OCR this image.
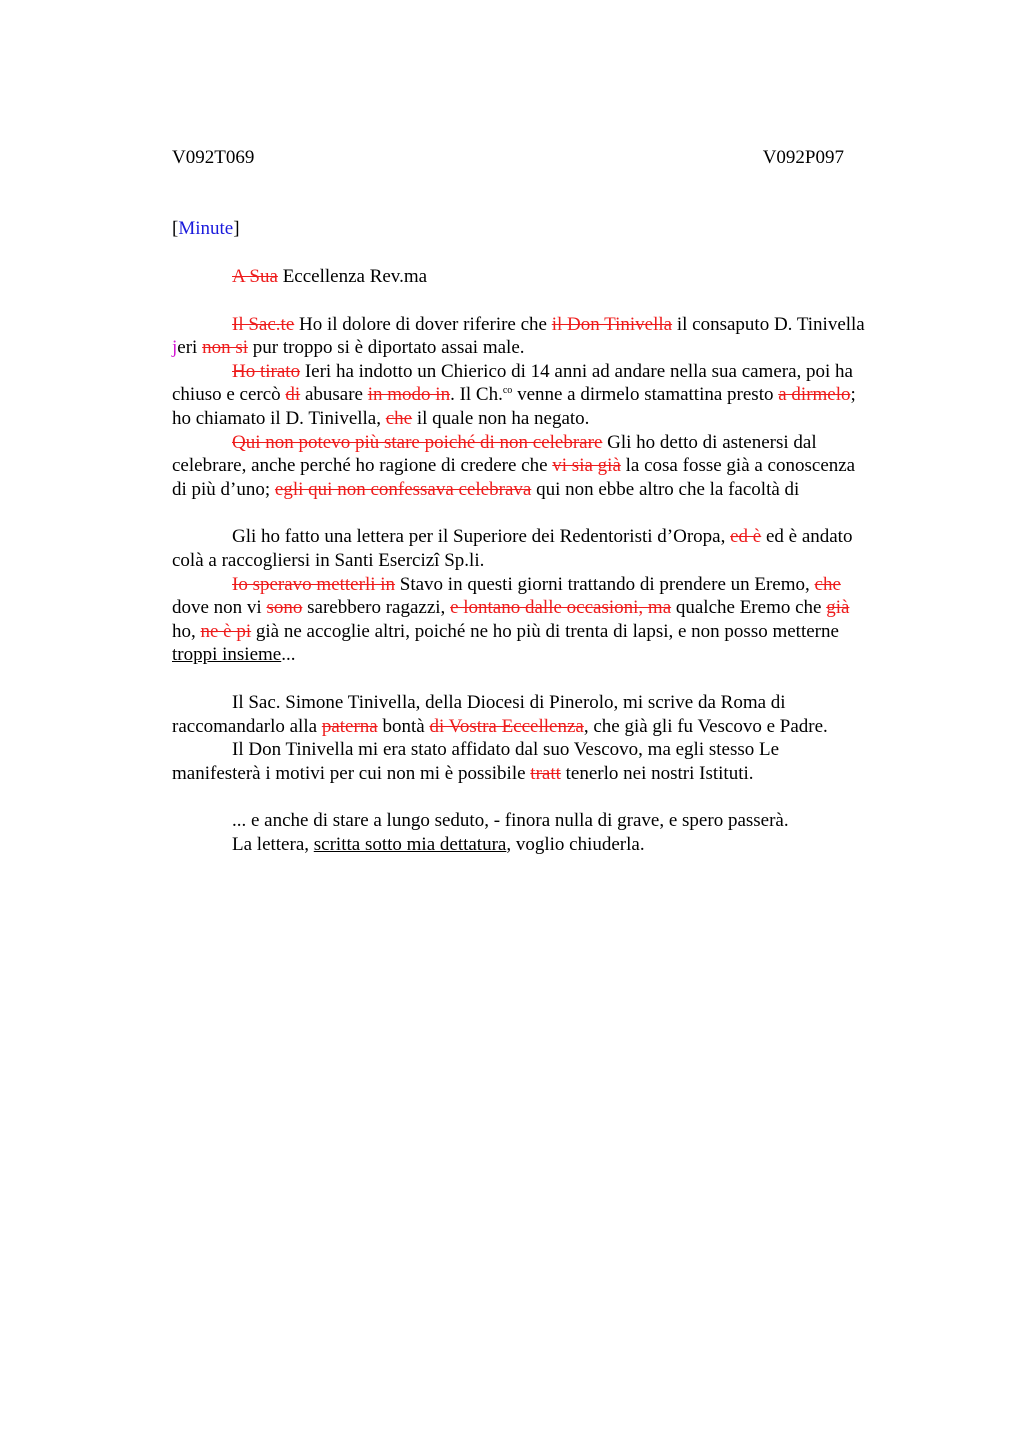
V092T069	V092P097
[Minute]
A Sua Eccellenza Rev.ma
Il Sac.te Ho il dolore di dover riferire che il Don Tinivella il consaputo D. Tinivella
jeri non si pur troppo si è diportato assai male.
Ho tirato Ieri ha indotto un Chierico di 14 anni ad andare nella sua camera, poi ha
chiuso e cercò di abusare in modo in. Il Ch.$^{co}$ venne a dirmelo stamattina presto a dirmelo;
ho chiamato il D. Tinivella, che il quale non ha negato.
Qui non potevo più stare poiché di non celebrare Gli ho detto di astenersi dal
celebrare, anche perché ho ragione di credere che vi sia già la cosa fosse già a conoscenza
di più d’uno; egli qui non confessava celebrava qui non ebbe altro che la facoltà di
Gli ho fatto una lettera per il Superiore dei Redentoristi d’Oropa, ed è ed è andato
colà a raccogliersi in Santi Esercizî Sp.li.
Io speravo metterli in Stavo in questi giorni trattando di prendere un Eremo, che
dove non vi sono sarebbero ragazzi, e lontano dalle occasioni, ma qualche Eremo che già
ho, ne è pi già ne accoglie altri, poiché ne ho più di trenta di lapsi, e non posso metterne
troppi insieme...
Il Sac. Simone Tinivella, della Diocesi di Pinerolo, mi scrive da Roma di
raccomandarlo alla paterna bontà di Vostra Eccellenza, che già gli fu Vescovo e Padre.
Il Don Tinivella mi era stato affidato dal suo Vescovo, ma egli stesso Le
manifesterà i motivi per cui non mi è possibile tratt tenerlo nei nostri Istituti.
... e anche di stare a lungo seduto, - finora nulla di grave, e spero passerà.
La lettera, scritta sotto mia dettatura, voglio chiuderla.
